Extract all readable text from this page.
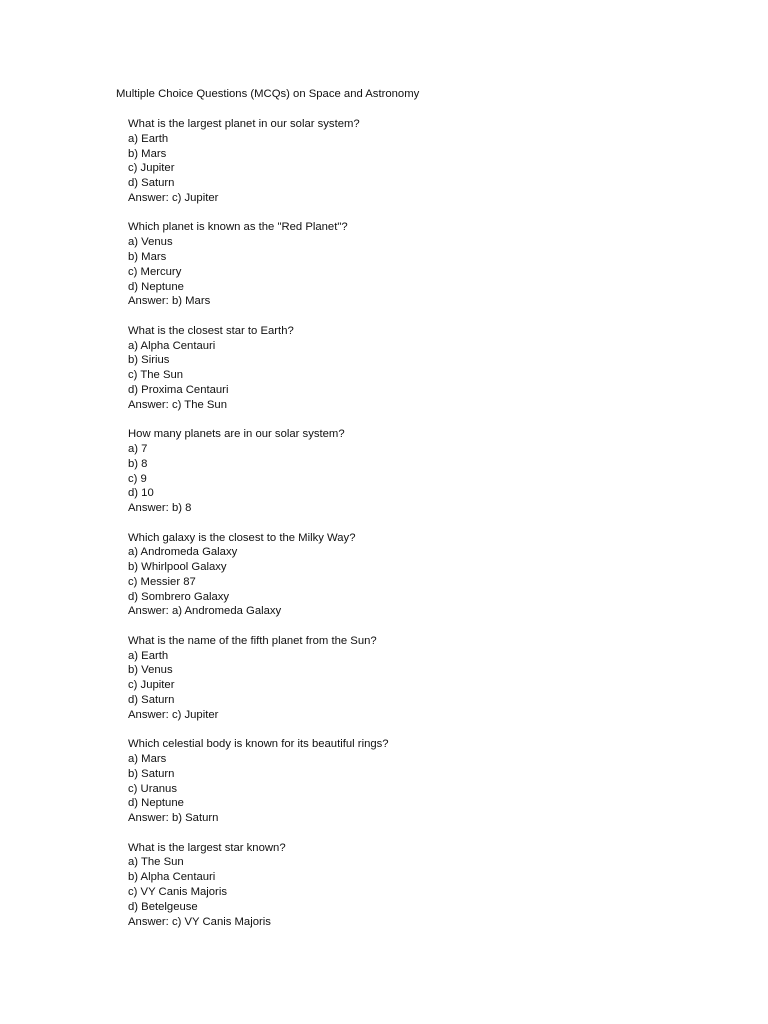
Multiple Choice Questions (MCQs) on Space and Astronomy
What is the largest planet in our solar system?
a) Earth
b) Mars
c) Jupiter
d) Saturn
Answer: c) Jupiter
Which planet is known as the "Red Planet"?
a) Venus
b) Mars
c) Mercury
d) Neptune
Answer: b) Mars
What is the closest star to Earth?
a) Alpha Centauri
b) Sirius
c) The Sun
d) Proxima Centauri
Answer: c) The Sun
How many planets are in our solar system?
a) 7
b) 8
c) 9
d) 10
Answer: b) 8
Which galaxy is the closest to the Milky Way?
a) Andromeda Galaxy
b) Whirlpool Galaxy
c) Messier 87
d) Sombrero Galaxy
Answer: a) Andromeda Galaxy
What is the name of the fifth planet from the Sun?
a) Earth
b) Venus
c) Jupiter
d) Saturn
Answer: c) Jupiter
Which celestial body is known for its beautiful rings?
a) Mars
b) Saturn
c) Uranus
d) Neptune
Answer: b) Saturn
What is the largest star known?
a) The Sun
b) Alpha Centauri
c) VY Canis Majoris
d) Betelgeuse
Answer: c) VY Canis Majoris
